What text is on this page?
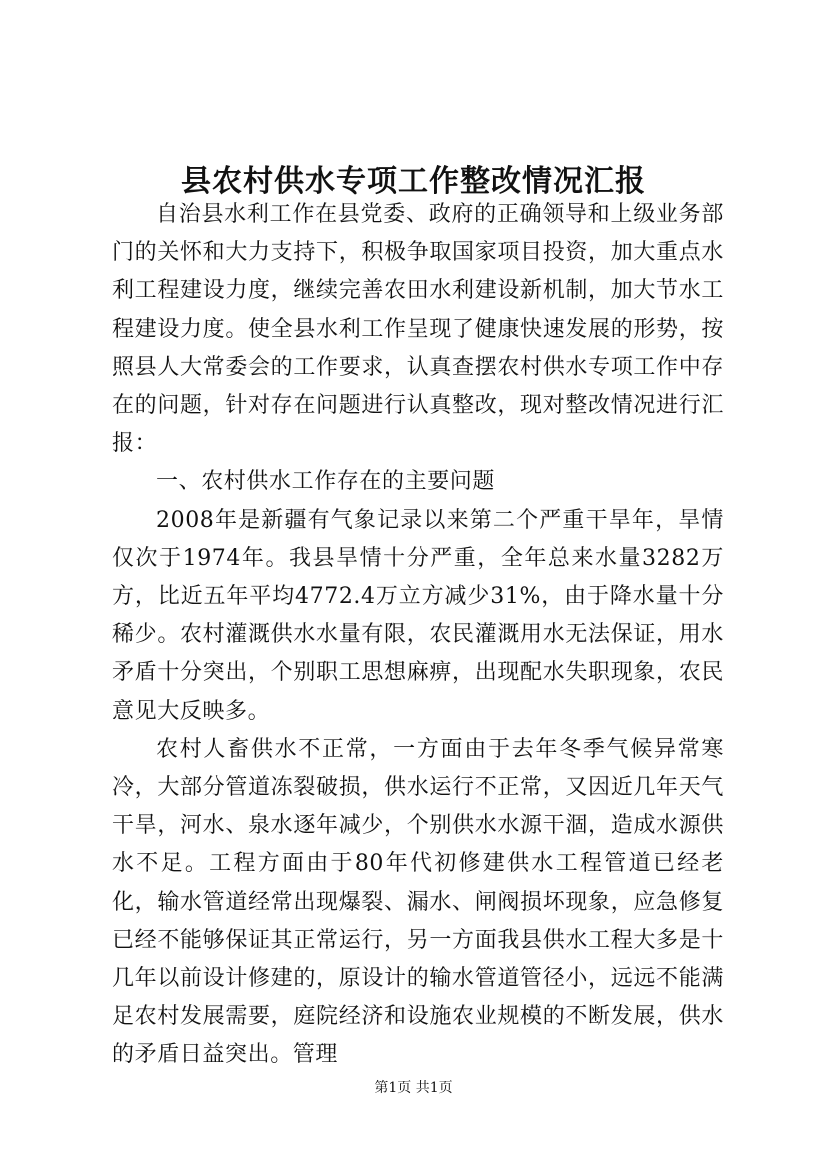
县农村供水专项工作整改情况汇报

自治县水利工作在县党委、政府的正确领导和上级业务部门的关怀和大力支持下，积极争取国家项目投资，加大重点水利工程建设力度，继续完善农田水利建设新机制，加大节水工程建设力度。使全县水利工作呈现了健康快速发展的形势，按照县人大常委会的工作要求，认真查摆农村供水专项工作中存在的问题，针对存在问题进行认真整改，现对整改情况进行汇报：

一、农村供水工作存在的主要问题

2008年是新疆有气象记录以来第二个严重干旱年，旱情仅次于1974年。我县旱情十分严重，全年总来水量3282万方，比近五年平均4772.4万立方减少31%，由于降水量十分稀少。农村灌溉供水水量有限，农民灌溉用水无法保证，用水矛盾十分突出，个别职工思想麻痹，出现配水失职现象，农民意见大反映多。

农村人畜供水不正常，一方面由于去年冬季气候异常寒冷，大部分管道冻裂破损，供水运行不正常，又因近几年天气干旱，河水、泉水逐年减少，个别供水水源干涸，造成水源供水不足。工程方面由于80年代初修建供水工程管道已经老化，输水管道经常出现爆裂、漏水、闸阀损坏现象，应急修复已经不能够保证其正常运行，另一方面我县供水工程大多是十几年以前设计修建的，原设计的输水管道管径小，远远不能满足农村发展需要，庭院经济和设施农业规模的不断发展，供水的矛盾日益突出。管理

第1页 共1页
